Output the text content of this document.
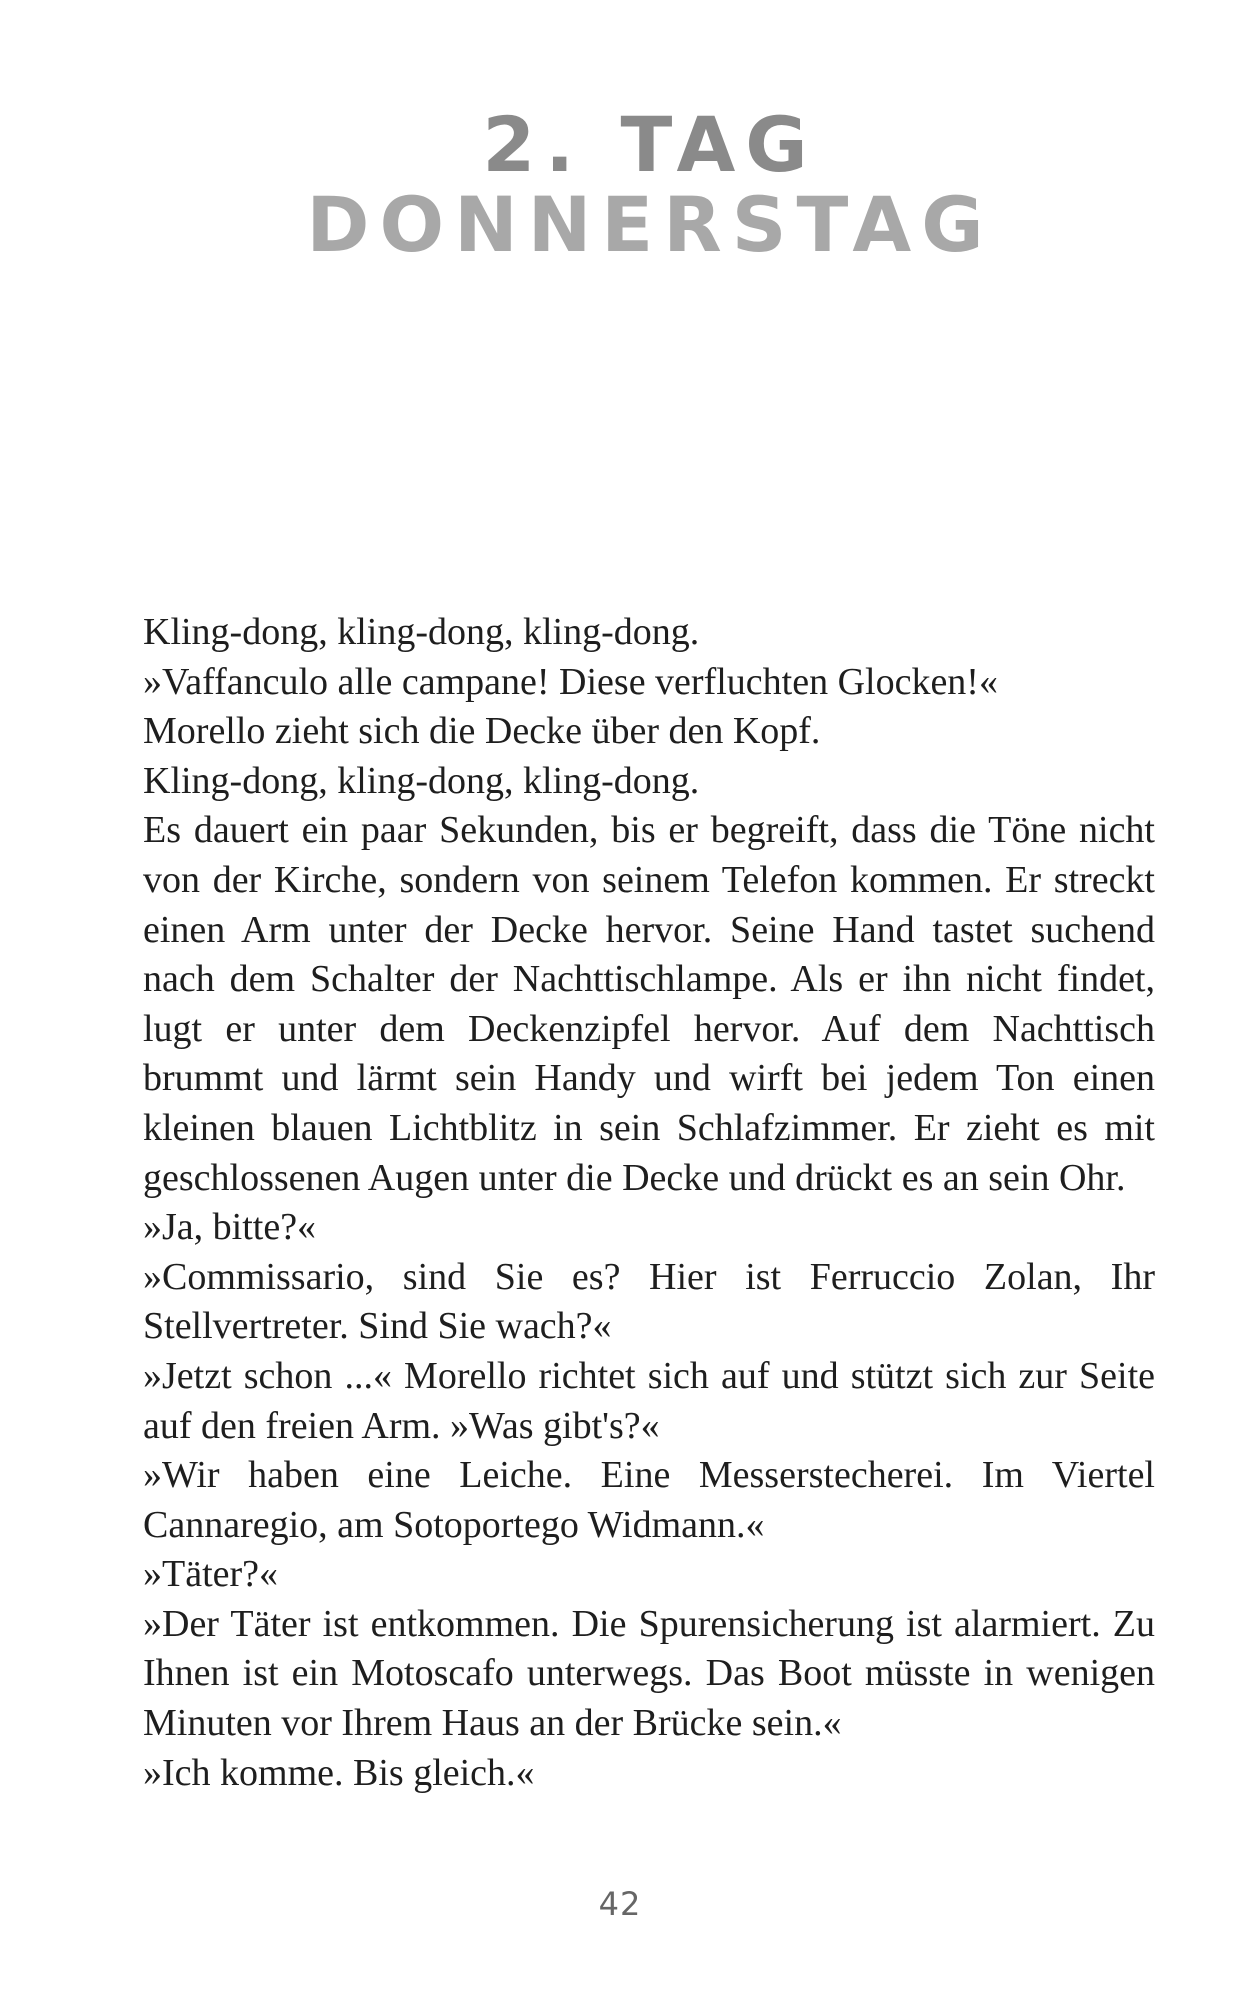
2. TAG
DONNERSTAG

Kling-dong, kling-dong, kling-dong.

»Vaffanculo alle campane! Diese verfluchten Glocken!«

Morello zieht sich die Decke über den Kopf.

Kling-dong, kling-dong, kling-dong.

Es dauert ein paar Sekunden, bis er begreift, dass die Töne nicht von der Kirche, sondern von seinem Telefon kommen. Er streckt einen Arm unter der Decke hervor. Seine Hand tastet suchend nach dem Schalter der Nachttischlampe. Als er ihn nicht findet, lugt er unter dem Deckenzipfel hervor. Auf dem Nachttisch brummt und lärmt sein Handy und wirft bei jedem Ton einen kleinen blauen Lichtblitz in sein Schlafzimmer. Er zieht es mit geschlossenen Augen unter die Decke und drückt es an sein Ohr.

»Ja, bitte?«

»Commissario, sind Sie es? Hier ist Ferruccio Zolan, Ihr Stellvertreter. Sind Sie wach?«

»Jetzt schon ...« Morello richtet sich auf und stützt sich zur Seite auf den freien Arm. »Was gibt's?«

»Wir haben eine Leiche. Eine Messerstecherei. Im Viertel Cannaregio, am Sotoportego Widmann.«

»Täter?«

»Der Täter ist entkommen. Die Spurensicherung ist alarmiert. Zu Ihnen ist ein Motoscafo unterwegs. Das Boot müsste in wenigen Minuten vor Ihrem Haus an der Brücke sein.«

»Ich komme. Bis gleich.«

42
